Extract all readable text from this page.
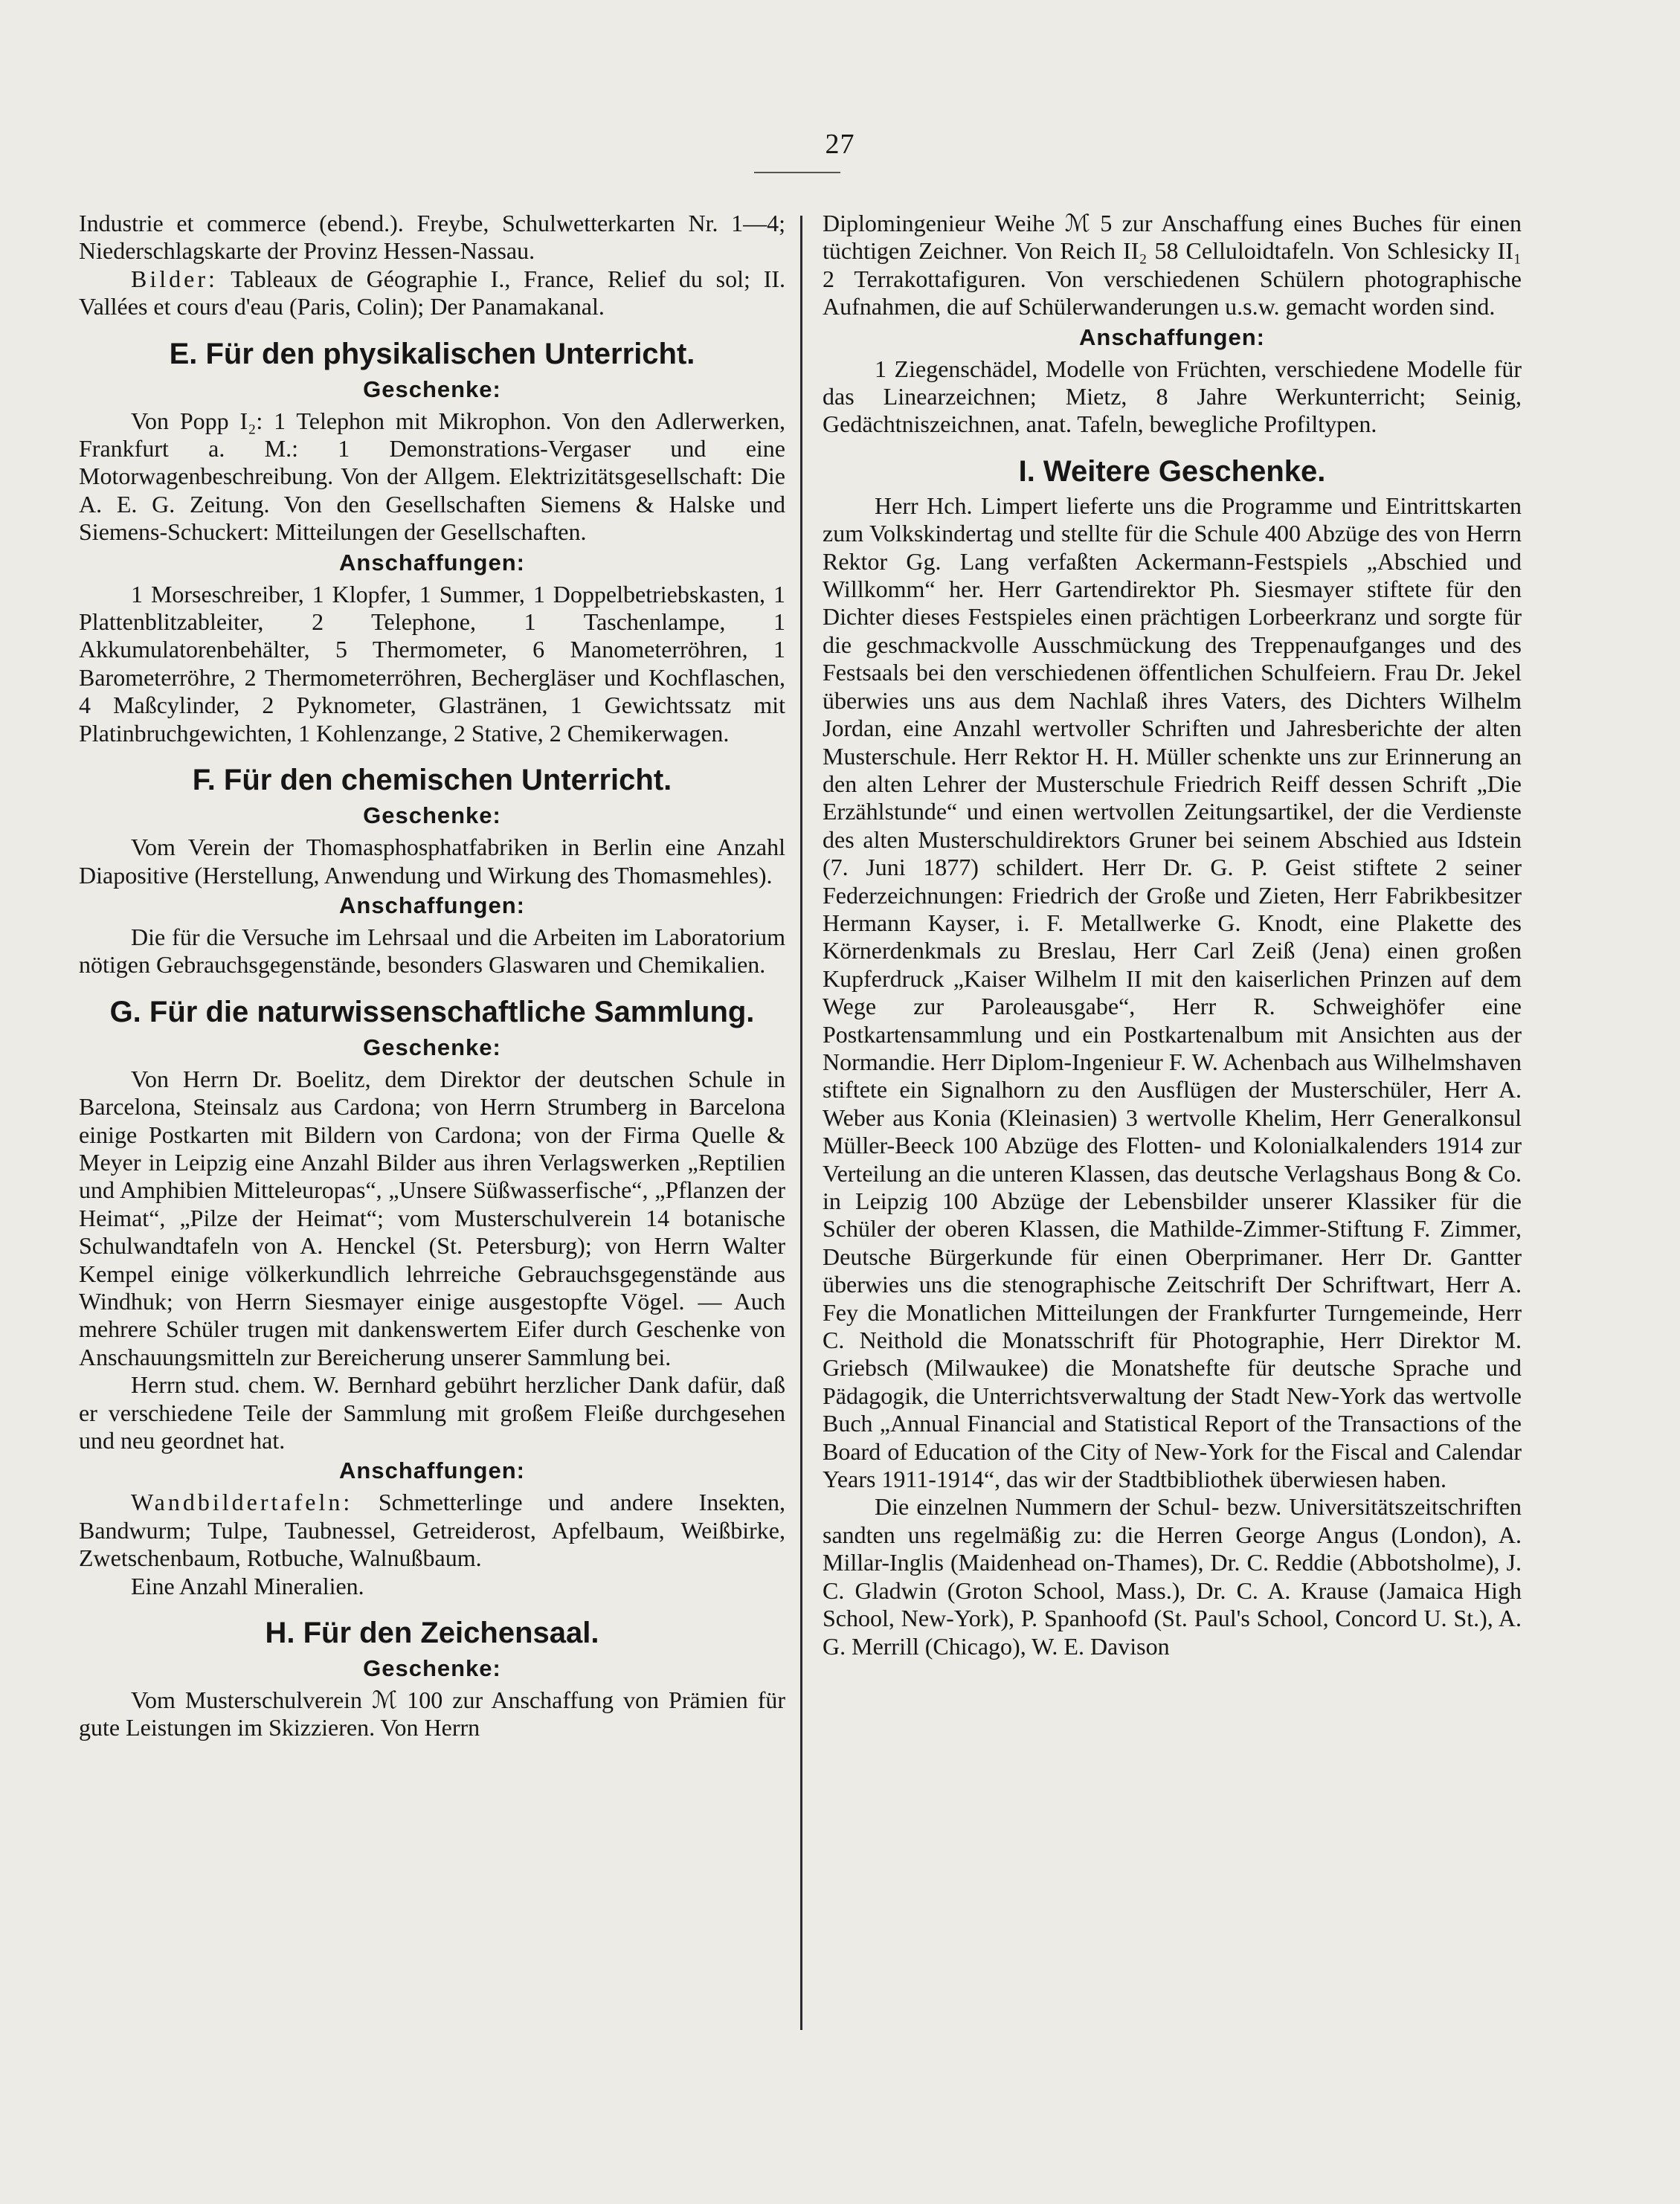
27

Industrie et commerce (ebend.). Freybe, Schulwetterkarten Nr. 1—4; Niederschlagskarte der Provinz Hessen-Nassau.

Bilder: Tableaux de Géographie I., France, Relief du sol; II. Vallées et cours d'eau (Paris, Colin); Der Panamakanal.

E. Für den physikalischen Unterricht.
Geschenke:

Von Popp I₂: 1 Telephon mit Mikrophon. Von den Adlerwerken, Frankfurt a. M.: 1 Demonstrations-Vergaser und eine Motorwagenbeschreibung. Von der Allgem. Elektrizitätsgesellschaft: Die A. E. G. Zeitung. Von den Gesellschaften Siemens & Halske und Siemens-Schuckert: Mitteilungen der Gesellschaften.

Anschaffungen:

1 Morseschreiber, 1 Klopfer, 1 Summer, 1 Doppelbetriebskasten, 1 Plattenblitzableiter, 2 Telephone, 1 Taschenlampe, 1 Akkumulatorenbehälter, 5 Thermometer, 6 Manometerröhren, 1 Barometerröhre, 2 Thermometerröhren, Bechergläser und Kochflaschen, 4 Maßcylinder, 2 Pyknometer, Glastränen, 1 Gewichtssatz mit Platinbruchgewichten, 1 Kohlenzange, 2 Stative, 2 Chemikerwagen.

F. Für den chemischen Unterricht.
Geschenke:

Vom Verein der Thomasphosphatfabriken in Berlin eine Anzahl Diapositive (Herstellung, Anwendung und Wirkung des Thomasmehles).

Anschaffungen:

Die für die Versuche im Lehrsaal und die Arbeiten im Laboratorium nötigen Gebrauchsgegenstände, besonders Glaswaren und Chemikalien.

G. Für die naturwissenschaftliche Sammlung.
Geschenke:

Von Herrn Dr. Boelitz, dem Direktor der deutschen Schule in Barcelona, Steinsalz aus Cardona; von Herrn Strumberg in Barcelona einige Postkarten mit Bildern von Cardona; von der Firma Quelle & Meyer in Leipzig eine Anzahl Bilder aus ihren Verlagswerken „Reptilien und Amphibien Mitteleuropas“, „Unsere Süßwasserfische“, „Pflanzen der Heimat“, „Pilze der Heimat“; vom Musterschulverein 14 botanische Schulwandtafeln von A. Henckel (St. Petersburg); von Herrn Walter Kempel einige völkerkundlich lehrreiche Gebrauchsgegenstände aus Windhuk; von Herrn Siesmayer einige ausgestopfte Vögel. — Auch mehrere Schüler trugen mit dankenswertem Eifer durch Geschenke von Anschauungsmitteln zur Bereicherung unserer Sammlung bei.

Herrn stud. chem. W. Bernhard gebührt herzlicher Dank dafür, daß er verschiedene Teile der Sammlung mit großem Fleiße durchgesehen und neu geordnet hat.

Anschaffungen:

Wandbildertafeln: Schmetterlinge und andere Insekten, Bandwurm; Tulpe, Taubnessel, Getreiderost, Apfelbaum, Weißbirke, Zwetschenbaum, Rotbuche, Walnußbaum.

Eine Anzahl Mineralien.

H. Für den Zeichensaal.
Geschenke:

Vom Musterschulverein ℳ 100 zur Anschaffung von Prämien für gute Leistungen im Skizzieren. Von Herrn

Diplomingenieur Weihe ℳ 5 zur Anschaffung eines Buches für einen tüchtigen Zeichner. Von Reich II₂ 58 Celluloidtafeln. Von Schlesicky II₁ 2 Terrakottafiguren. Von verschiedenen Schülern photographische Aufnahmen, die auf Schülerwanderungen u.s.w. gemacht worden sind.

Anschaffungen:

1 Ziegenschädel, Modelle von Früchten, verschiedene Modelle für das Linearzeichnen; Mietz, 8 Jahre Werkunterricht; Seinig, Gedächtniszeichnen, anat. Tafeln, bewegliche Profiltypen.

I. Weitere Geschenke.

Herr Hch. Limpert lieferte uns die Programme und Eintrittskarten zum Volkskindertag und stellte für die Schule 400 Abzüge des von Herrn Rektor Gg. Lang verfaßten Ackermann-Festspiels „Abschied und Willkomm“ her. Herr Gartendirektor Ph. Siesmayer stiftete für den Dichter dieses Festspieles einen prächtigen Lorbeerkranz und sorgte für die geschmackvolle Ausschmückung des Treppenaufganges und des Festsaals bei den verschiedenen öffentlichen Schulfeiern. Frau Dr. Jekel überwies uns aus dem Nachlaß ihres Vaters, des Dichters Wilhelm Jordan, eine Anzahl wertvoller Schriften und Jahresberichte der alten Musterschule. Herr Rektor H. H. Müller schenkte uns zur Erinnerung an den alten Lehrer der Musterschule Friedrich Reiff dessen Schrift „Die Erzählstunde“ und einen wertvollen Zeitungsartikel, der die Verdienste des alten Musterschuldirektors Gruner bei seinem Abschied aus Idstein (7. Juni 1877) schildert. Herr Dr. G. P. Geist stiftete 2 seiner Federzeichnungen: Friedrich der Große und Zieten, Herr Fabrikbesitzer Hermann Kayser, i. F. Metallwerke G. Knodt, eine Plakette des Körnerdenkmals zu Breslau, Herr Carl Zeiß (Jena) einen großen Kupferdruck „Kaiser Wilhelm II mit den kaiserlichen Prinzen auf dem Wege zur Paroleausgabe“, Herr R. Schweighöfer eine Postkartensammlung und ein Postkartenalbum mit Ansichten aus der Normandie. Herr Diplom-Ingenieur F. W. Achenbach aus Wilhelmshaven stiftete ein Signalhorn zu den Ausflügen der Musterschüler, Herr A. Weber aus Konia (Kleinasien) 3 wertvolle Khelim, Herr Generalkonsul Müller-Beeck 100 Abzüge des Flotten- und Kolonialkalenders 1914 zur Verteilung an die unteren Klassen, das deutsche Verlagshaus Bong & Co. in Leipzig 100 Abzüge der Lebensbilder unserer Klassiker für die Schüler der oberen Klassen, die Mathilde-Zimmer-Stiftung F. Zimmer, Deutsche Bürgerkunde für einen Oberprimaner. Herr Dr. Gantter überwies uns die stenographische Zeitschrift Der Schriftwart, Herr A. Fey die Monatlichen Mitteilungen der Frankfurter Turngemeinde, Herr C. Neithold die Monatsschrift für Photographie, Herr Direktor M. Griebsch (Milwaukee) die Monatshefte für deutsche Sprache und Pädagogik, die Unterrichtsverwaltung der Stadt New-York das wertvolle Buch „Annual Financial and Statistical Report of the Transactions of the Board of Education of the City of New-York for the Fiscal and Calendar Years 1911-1914“, das wir der Stadtbibliothek überwiesen haben.

Die einzelnen Nummern der Schul- bezw. Universitätszeitschriften sandten uns regelmäßig zu: die Herren George Angus (London), A. Millar-Inglis (Maidenhead on-Thames), Dr. C. Reddie (Abbotsholme), J. C. Gladwin (Groton School, Mass.), Dr. C. A. Krause (Jamaica High School, New-York), P. Spanhoofd (St. Paul's School, Concord U. St.), A. G. Merrill (Chicago), W. E. Davison
